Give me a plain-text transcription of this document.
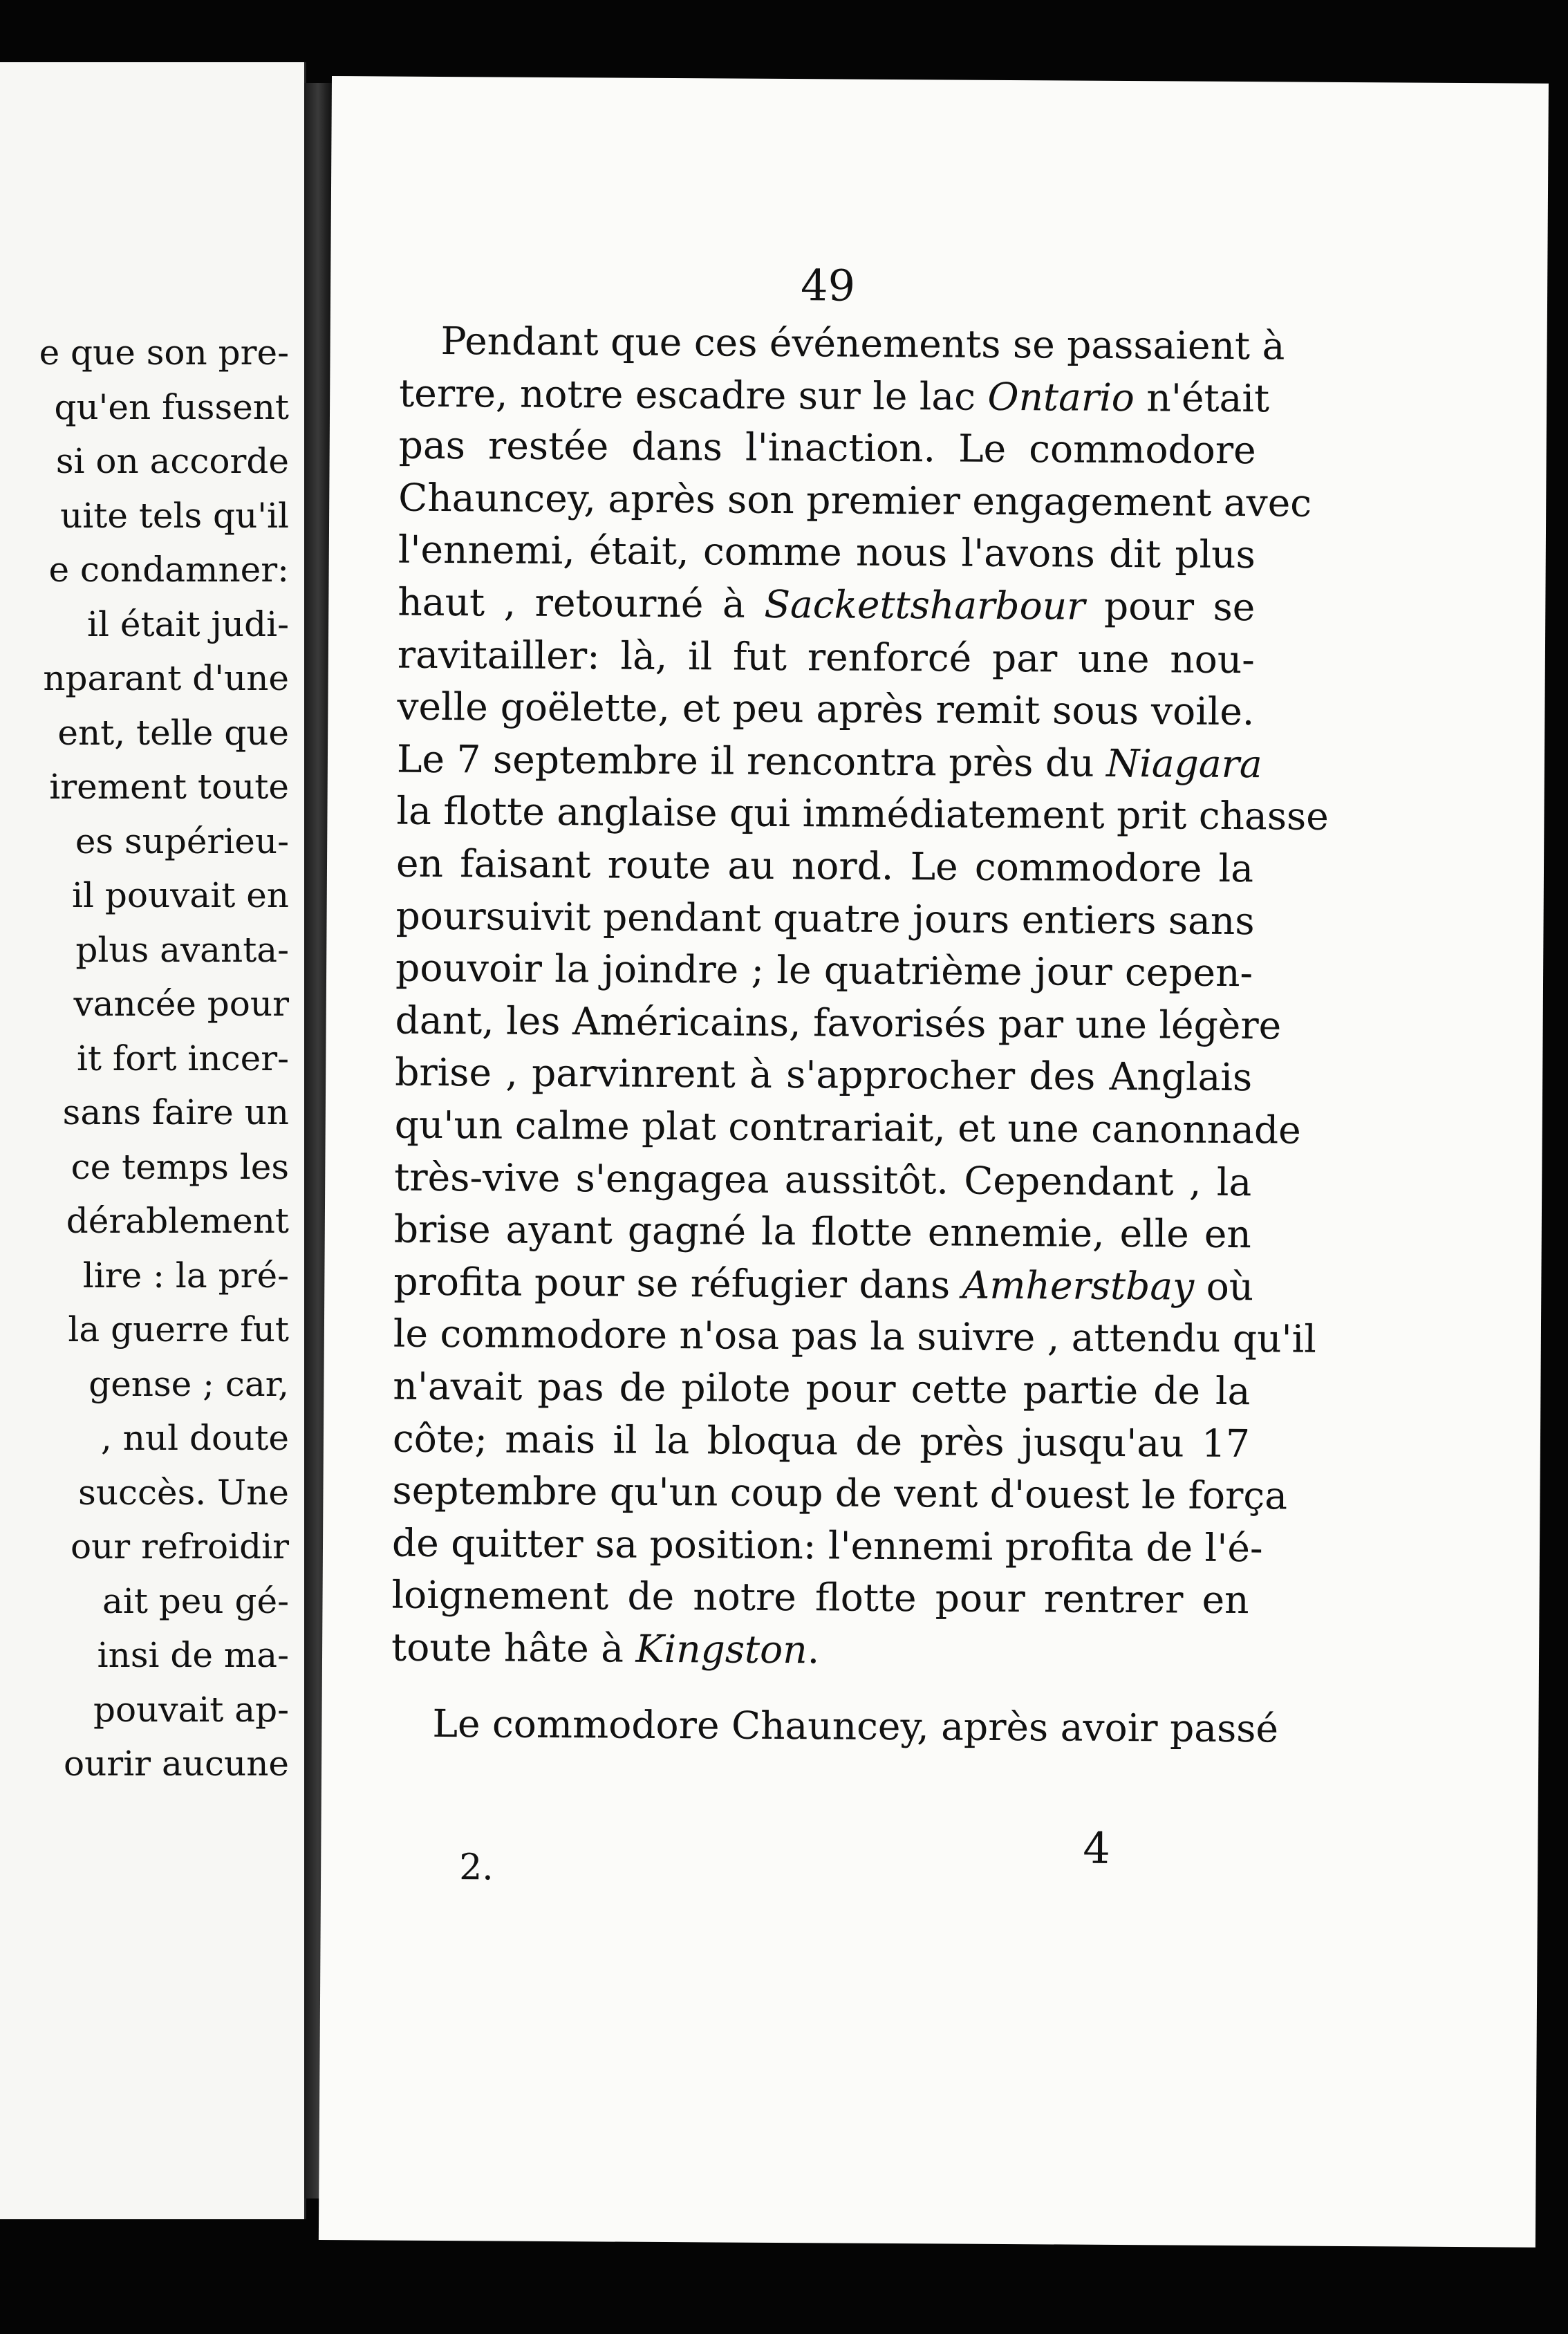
e que son pre-
qu'en fussent
si on accorde
uite tels qu'il
e condamner:
il était judi-
nparant d'une
ent, telle que
irement toute
es supérieu-
il pouvait en
plus avanta-
vancée pour
it fort incer-
sans faire un
ce temps les
dérablement
lire : la pré-
la guerre fut
gense ; car,
, nul doute
succès. Une
our refroidir
ait peu gé-
insi de ma-
pouvait ap-
ourir aucune
49
2.	4
Pendant que ces événements se passaient à
terre, notre escadre sur le lac Ontario n'était
pas restée dans l'inaction. Le commodore
Chauncey, après son premier engagement avec
l'ennemi, était, comme nous l'avons dit plus
haut , retourné à Sackettsharbour pour se
ravitailler: là, il fut renforcé par une nou-
velle goëlette, et peu après remit sous voile.
Le 7 septembre il rencontra près du Niagara
la flotte anglaise qui immédiatement prit chasse
en faisant route au nord. Le commodore la
poursuivit pendant quatre jours entiers sans
pouvoir la joindre ; le quatrième jour cepen-
dant, les Américains, favorisés par une légère
brise , parvinrent à s'approcher des Anglais
qu'un calme plat contrariait, et une canonnade
très-vive s'engagea aussitôt. Cependant , la
brise ayant gagné la flotte ennemie, elle en
profita pour se réfugier dans Amherstbay où
le commodore n'osa pas la suivre , attendu qu'il
n'avait pas de pilote pour cette partie de la
côte; mais il la bloqua de près jusqu'au 17
septembre qu'un coup de vent d'ouest le força
de quitter sa position: l'ennemi profita de l'é-
loignement de notre flotte pour rentrer en
toute hâte à Kingston.
Le commodore Chauncey, après avoir passé
